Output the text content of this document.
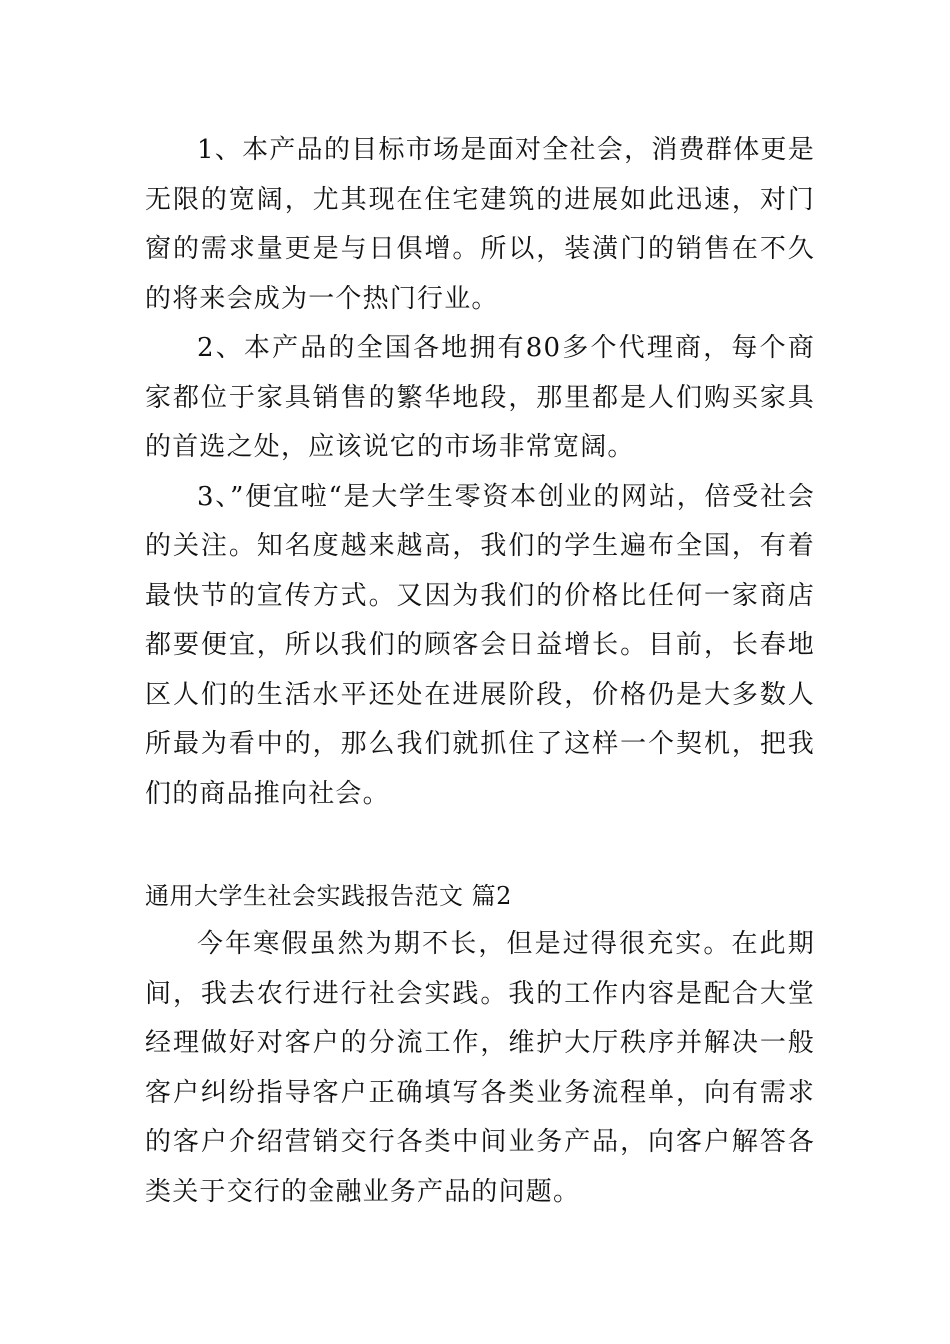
1、本产品的目标市场是面对全社会，消费群体更是无限的宽阔，尤其现在住宅建筑的进展如此迅速，对门窗的需求量更是与日俱增。所以，装潢门的销售在不久的将来会成为一个热门行业。

2、本产品的全国各地拥有80多个代理商，每个商家都位于家具销售的繁华地段，那里都是人们购买家具的首选之处，应该说它的市场非常宽阔。

3、”便宜啦“是大学生零资本创业的网站，倍受社会的关注。知名度越来越高，我们的学生遍布全国，有着最快节的宣传方式。又因为我们的价格比任何一家商店都要便宜，所以我们的顾客会日益增长。目前，长春地区人们的生活水平还处在进展阶段，价格仍是大多数人所最为看中的，那么我们就抓住了这样一个契机，把我们的商品推向社会。

通用大学生社会实践报告范文 篇2

今年寒假虽然为期不长，但是过得很充实。在此期间，我去农行进行社会实践。我的工作内容是配合大堂经理做好对客户的分流工作，维护大厅秩序并解决一般客户纠纷指导客户正确填写各类业务流程单，向有需求的客户介绍营销交行各类中间业务产品，向客户解答各类关于交行的金融业务产品的问题。
